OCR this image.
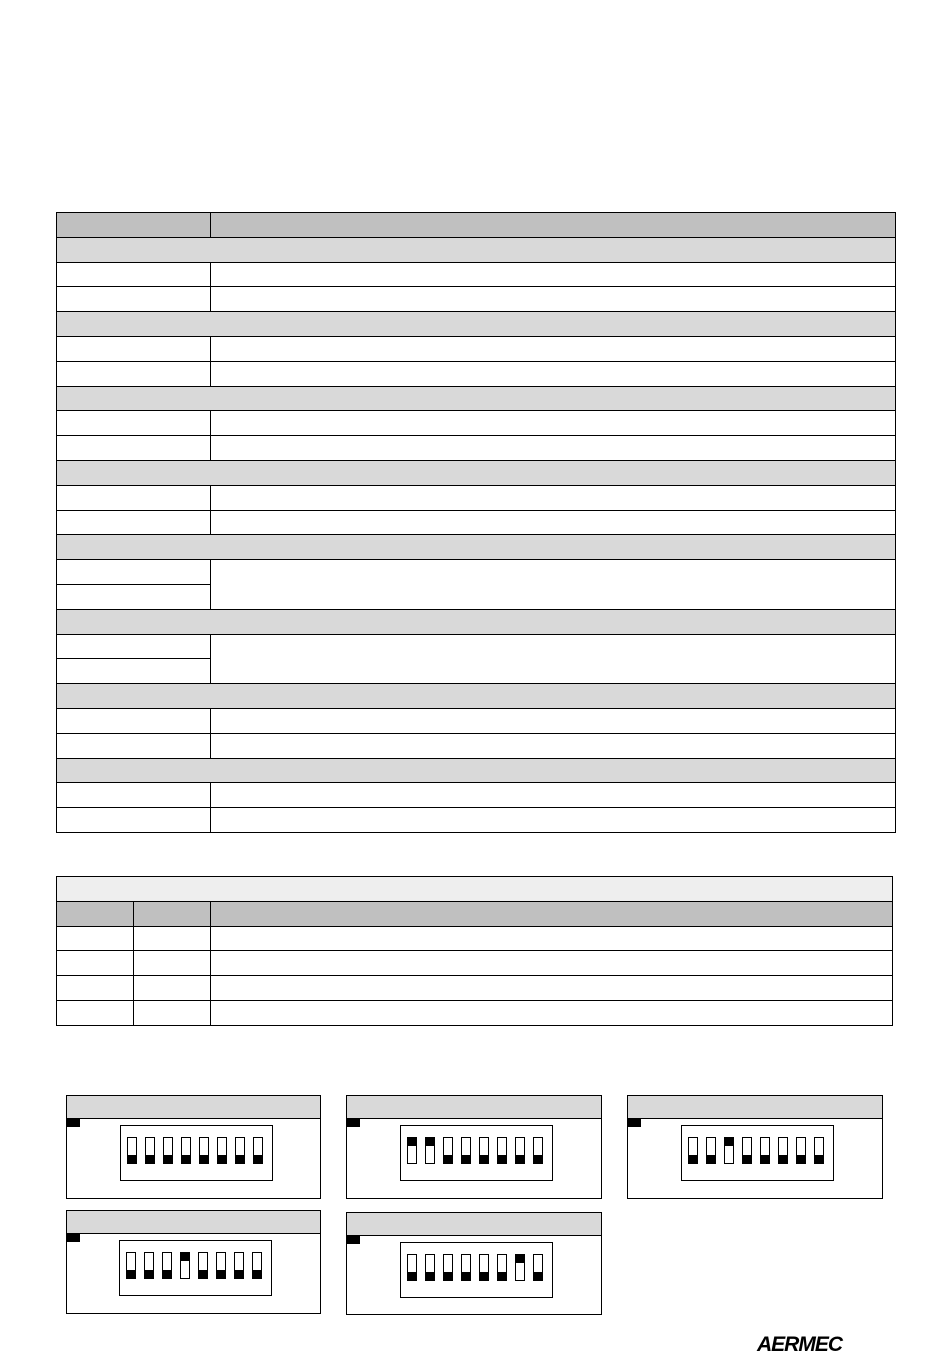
AERMEC
